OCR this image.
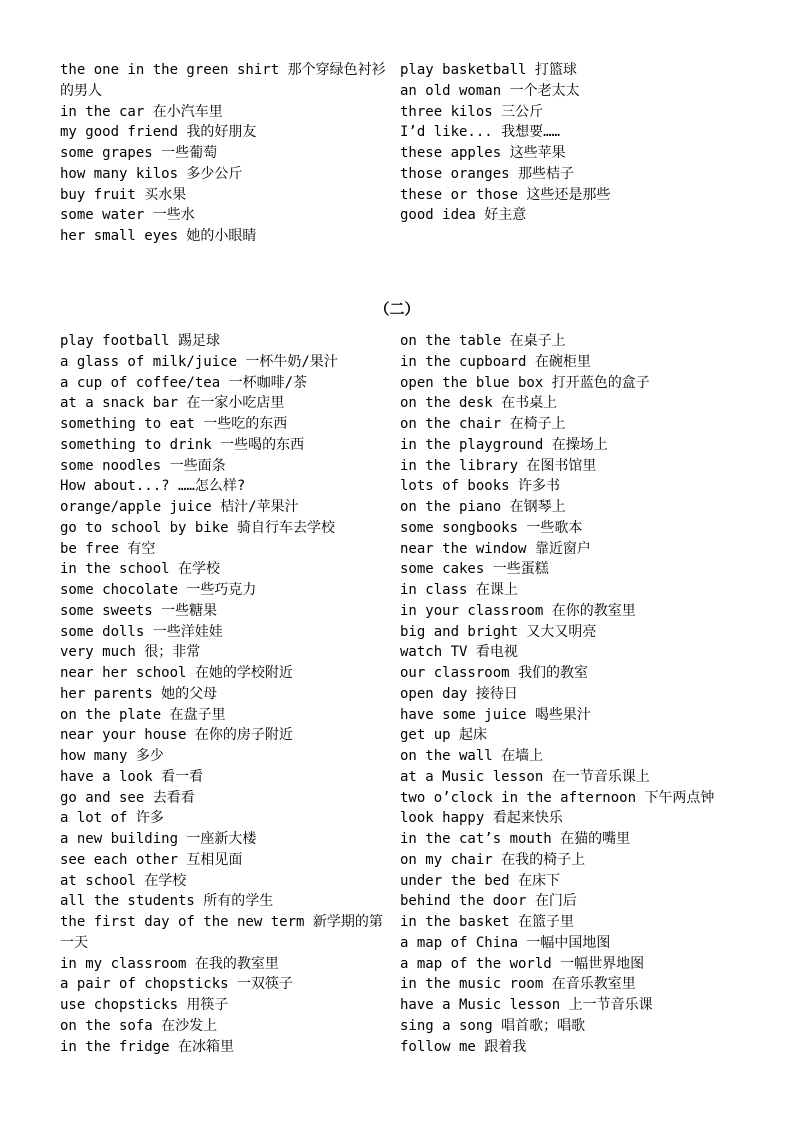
the one in the green shirt 那个穿绿色衬衫的男人
in the car 在小汽车里
my good friend 我的好朋友
some grapes 一些葡萄
how many kilos 多少公斤
buy fruit 买水果
some water 一些水
her small eyes 她的小眼睛
play basketball 打篮球
an old woman 一个老太太
three kilos 三公斤
I’d like... 我想要……
these apples 这些苹果
those oranges 那些桔子
these or those 这些还是那些
good idea 好主意
（二）
play football 踢足球
a glass of milk/juice 一杯牛奶/果汁
a cup of coffee/tea 一杯咖啡/茶
at a snack bar 在一家小吃店里
something to eat 一些吃的东西
something to drink 一些喝的东西
some noodles 一些面条
How about...? ……怎么样?
orange/apple juice 桔汁/苹果汁
go to school by bike 骑自行车去学校
be free 有空
in the school 在学校
some chocolate 一些巧克力
some sweets 一些糖果
some dolls 一些洋娃娃
very much 很；非常
near her school 在她的学校附近
her parents 她的父母
on the plate 在盘子里
near your house 在你的房子附近
how many 多少
have a look 看一看
go and see 去看看
a lot of 许多
a new building 一座新大楼
see each other 互相见面
at school 在学校
all the students 所有的学生
the first day of the new term 新学期的第一天
in my classroom 在我的教室里
a pair of chopsticks 一双筷子
use chopsticks 用筷子
on the sofa 在沙发上
in the fridge 在冰箱里
on the table 在桌子上
in the cupboard 在碗柜里
open the blue box 打开蓝色的盒子
on the desk 在书桌上
on the chair 在椅子上
in the playground 在操场上
in the library 在图书馆里
lots of books 许多书
on the piano 在钢琴上
some songbooks 一些歌本
near the window 靠近窗户
some cakes 一些蛋糕
in class 在课上
in your classroom 在你的教室里
big and bright 又大又明亮
watch TV 看电视
our classroom 我们的教室
open day 接待日
have some juice 喝些果汁
get up 起床
on the wall 在墙上
at a Music lesson 在一节音乐课上
two o’clock in the afternoon 下午两点钟
look happy 看起来快乐
in the cat’s mouth 在猫的嘴里
on my chair 在我的椅子上
under the bed 在床下
behind the door 在门后
in the basket 在篮子里
a map of China 一幅中国地图
a map of the world 一幅世界地图
in the music room 在音乐教室里
have a Music lesson 上一节音乐课
sing a song 唱首歌；唱歌
follow me 跟着我
